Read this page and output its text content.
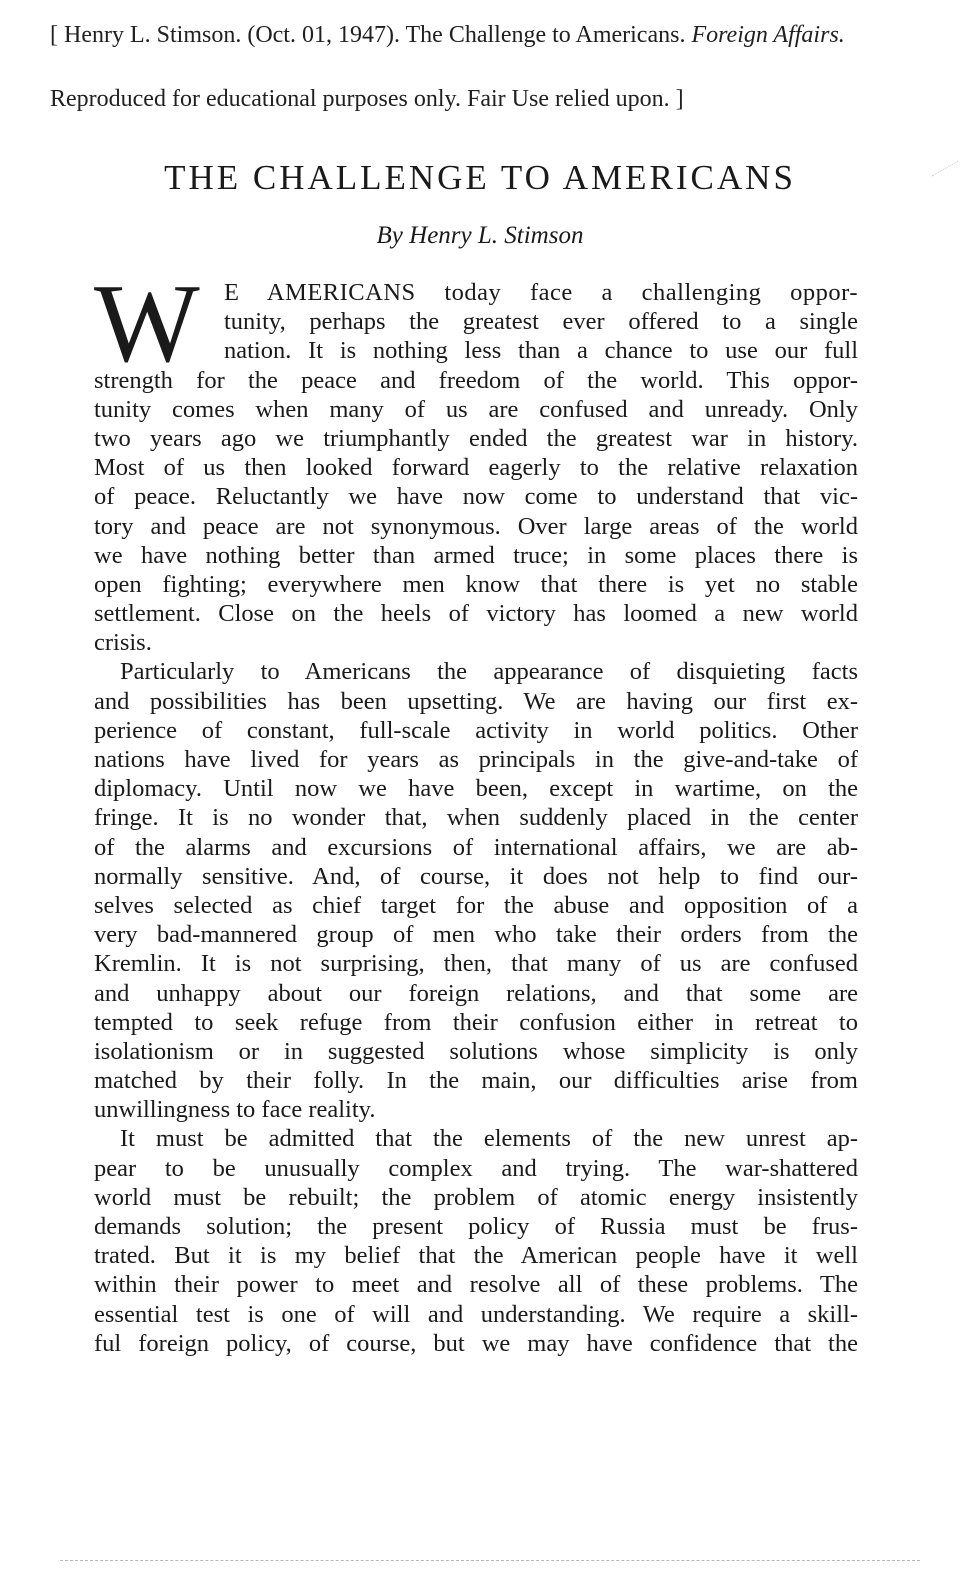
[ Henry L. Stimson. (Oct. 01, 1947). The Challenge to Americans. Foreign Affairs.
Reproduced for educational purposes only. Fair Use relied upon. ]
THE CHALLENGE TO AMERICANS
By Henry L. Stimson
W E AMERICANS today face a challenging oppor-
tunity, perhaps the greatest ever offered to a single
nation. It is nothing less than a chance to use our full
strength for the peace and freedom of the world. This oppor-
tunity comes when many of us are confused and unready. Only
two years ago we triumphantly ended the greatest war in history.
Most of us then looked forward eagerly to the relative relaxation
of peace. Reluctantly we have now come to understand that vic-
tory and peace are not synonymous. Over large areas of the world
we have nothing better than armed truce; in some places there is
open fighting; everywhere men know that there is yet no stable
settlement. Close on the heels of victory has loomed a new world
crisis.
Particularly to Americans the appearance of disquieting facts
and possibilities has been upsetting. We are having our first ex-
perience of constant, full-scale activity in world politics. Other
nations have lived for years as principals in the give-and-take of
diplomacy. Until now we have been, except in wartime, on the
fringe. It is no wonder that, when suddenly placed in the center
of the alarms and excursions of international affairs, we are ab-
normally sensitive. And, of course, it does not help to find our-
selves selected as chief target for the abuse and opposition of a
very bad-mannered group of men who take their orders from the
Kremlin. It is not surprising, then, that many of us are confused
and unhappy about our foreign relations, and that some are
tempted to seek refuge from their confusion either in retreat to
isolationism or in suggested solutions whose simplicity is only
matched by their folly. In the main, our difficulties arise from
unwillingness to face reality.
It must be admitted that the elements of the new unrest ap-
pear to be unusually complex and trying. The war-shattered
world must be rebuilt; the problem of atomic energy insistently
demands solution; the present policy of Russia must be frus-
trated. But it is my belief that the American people have it well
within their power to meet and resolve all of these problems. The
essential test is one of will and understanding. We require a skill-
ful foreign policy, of course, but we may have confidence that the
